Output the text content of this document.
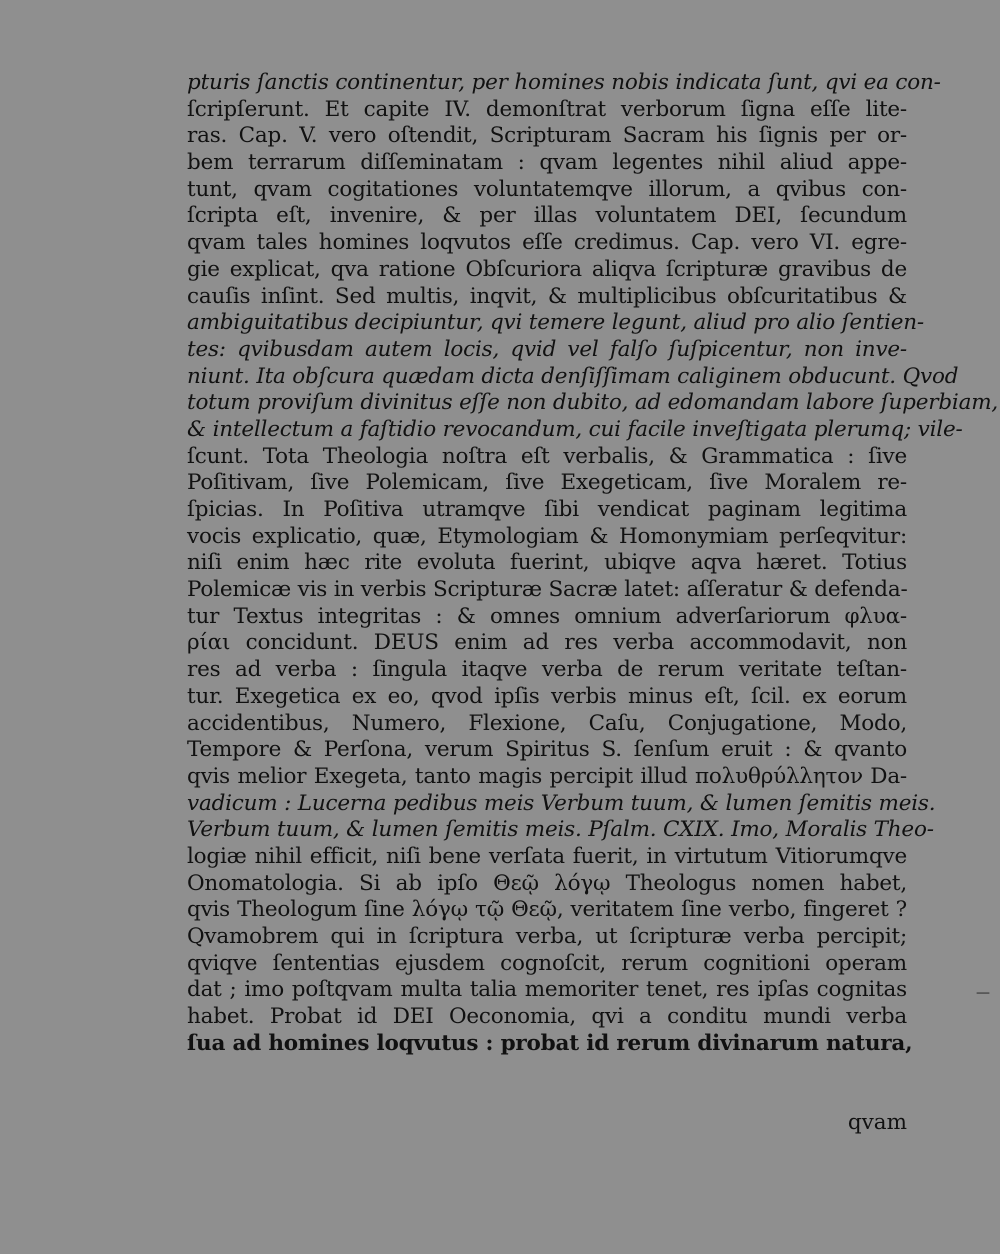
pturis ſanctis continentur, per homines nobis indicata ſunt, qvi ea con-
ſcripſerunt. Et capite IV. demonſtrat verborum ſigna eſſe lite-
ras. Cap. V. vero oſtendit, Scripturam Sacram his ſignis per or-
bem terrarum diſſeminatam : qvam legentes nihil aliud appe-
tunt, qvam cogitationes voluntatemqve illorum, a qvibus con-
ſcripta eſt, invenire, & per illas voluntatem DEI, ſecundum
qvam tales homines loqvutos eſſe credimus. Cap. vero VI. egre-
gie explicat, qva ratione Obſcuriora aliqva ſcripturæ gravibus de
cauſis inſint. Sed multis, inqvit, & multiplicibus obſcuritatibus &
ambiguitatibus decipiuntur, qvi temere legunt, aliud pro alio ſentien-
tes: qvibusdam autem locis, qvid vel falſo ſuſpicentur, non inve-
niunt. Ita obſcura quædam dicta denſiſſimam caliginem obducunt. Qvod
totum proviſum divinitus eſſe non dubito, ad edomandam labore ſuperbiam,
& intellectum a faſtidio revocandum, cui facile inveſtigata plerumq; vile-
ſcunt. Tota Theologia noſtra eſt verbalis, & Grammatica : ſive
Poſitivam, ſive Polemicam, ſive Exegeticam, ſive Moralem re-
ſpicias. In Poſitiva utramqve ſibi vendicat paginam legitima
vocis explicatio, quæ, Etymologiam & Homonymiam perſeqvitur:
niſi enim hæc rite evoluta fuerint, ubiqve aqva hæret. Totius
Polemicæ vis in verbis Scripturæ Sacræ latet: aſſeratur & defenda-
tur Textus integritas : & omnes omnium adverſariorum φλυα-
ρίαι concidunt. DEUS enim ad res verba accommodavit, non
res ad verba : ſingula itaqve verba de rerum veritate teſtan-
tur. Exegetica ex eo, qvod ipſis verbis minus eſt, ſcil. ex eorum
accidentibus, Numero, Flexione, Caſu, Conjugatione, Modo,
Tempore & Perſona, verum Spiritus S. ſenſum eruit : & qvanto
qvis melior Exegeta, tanto magis percipit illud πολυθρύλλητον Da-
vadicum : Lucerna pedibus meis Verbum tuum, & lumen ſemitis meis.
Verbum tuum, & lumen ſemitis meis. Pſalm. CXIX. Imo, Moralis Theo-
logiæ nihil efficit, niſi bene verſata fuerit, in virtutum Vitiorumqve
Onomatologia. Si ab ipſo Θεῷ λόγῳ Theologus nomen habet,
qvis Theologum ſine λόγῳ τῷ Θεῷ, veritatem ſine verbo, fingeret ?
Qvamobrem qui in ſcriptura verba, ut ſcripturæ verba percipit;
qviqve ſententias ejusdem cognoſcit, rerum cognitioni operam
dat ; imo poſtqvam multa talia memoriter tenet, res ipſas cognitas
habet. Probat id DEI Oeconomia, qvi a conditu mundi verba
ſua ad homines loqvutus : probat id rerum divinarum natura,
qvam
—
